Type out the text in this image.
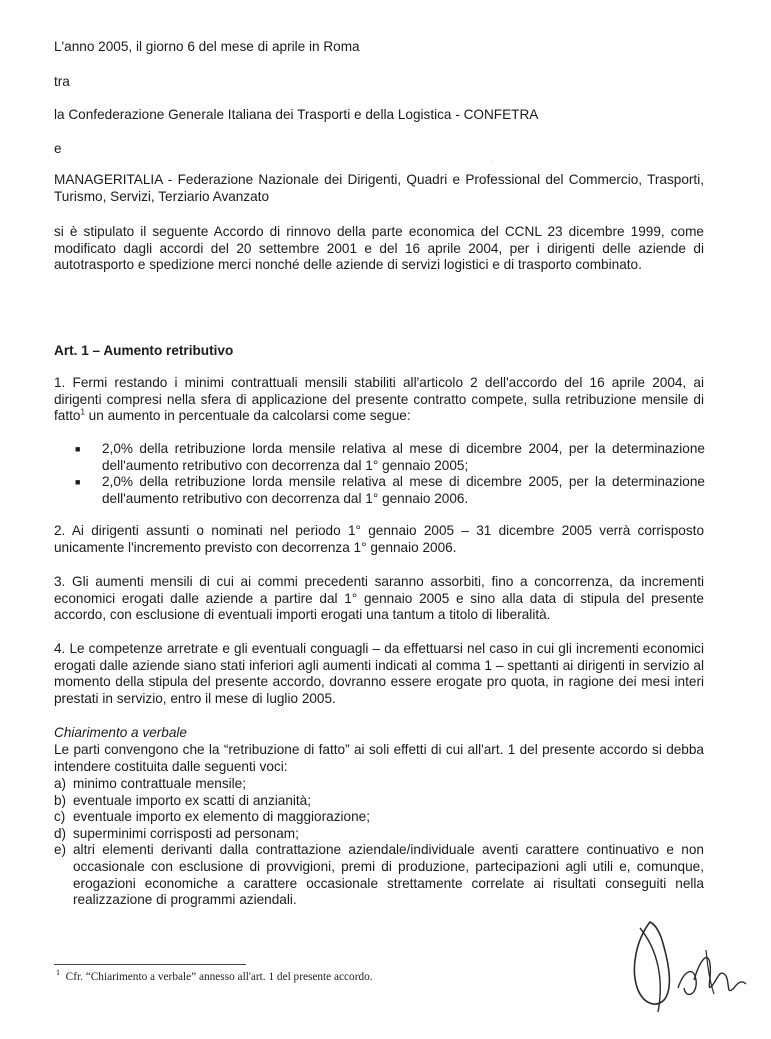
L'anno 2005, il giorno 6 del mese di aprile in Roma
tra
la Confederazione Generale Italiana dei Trasporti e della Logistica - CONFETRA
e
·
MANAGERITALIA - Federazione Nazionale dei Dirigenti, Quadri e Professional del Commercio, Trasporti, Turismo, Servizi, Terziario Avanzato
si è stipulato il seguente Accordo di rinnovo della parte economica del CCNL 23 dicembre 1999, come modificato dagli accordi del 20 settembre 2001 e del 16 aprile 2004, per i dirigenti delle aziende di autotrasporto e spedizione merci nonché delle aziende di servizi logistici e di trasporto combinato.
Art. 1 – Aumento retributivo
1. Fermi restando i minimi contrattuali mensili stabiliti all'articolo 2 dell'accordo del 16 aprile 2004, ai dirigenti compresi nella sfera di applicazione del presente contratto compete, sulla retribuzione mensile di fatto$^1$ un aumento in percentuale da calcolarsi come segue:
■ 2,0% della retribuzione lorda mensile relativa al mese di dicembre 2004, per la determinazione dell'aumento retributivo con decorrenza dal 1° gennaio 2005;
■ 2,0% della retribuzione lorda mensile relativa al mese di dicembre 2005, per la determinazione dell'aumento retributivo con decorrenza dal 1° gennaio 2006.
2. Ai dirigenti assunti o nominati nel periodo 1° gennaio 2005 – 31 dicembre 2005 verrà corrisposto unicamente l'incremento previsto con decorrenza 1° gennaio 2006.
3. Gli aumenti mensili di cui ai commi precedenti saranno assorbiti, fino a concorrenza, da incrementi economici erogati dalle aziende a partire dal 1° gennaio 2005 e sino alla data di stipula del presente accordo, con esclusione di eventuali importi erogati una tantum a titolo di liberalità.
4. Le competenze arretrate e gli eventuali conguagli – da effettuarsi nel caso in cui gli incrementi economici erogati dalle aziende siano stati inferiori agli aumenti indicati al comma 1 – spettanti ai dirigenti in servizio al momento della stipula del presente accordo, dovranno essere erogate pro quota, in ragione dei mesi interi prestati in servizio, entro il mese di luglio 2005.
Chiarimento a verbale
Le parti convengono che la “retribuzione di fatto” ai soli effetti di cui all'art. 1 del presente accordo si debba intendere costituita dalle seguenti voci:
a) minimo contrattuale mensile;
b) eventuale importo ex scatti di anzianità;
c) eventuale importo ex elemento di maggiorazione;
d) superminimi corrisposti ad personam;
e) altri elementi derivanti dalla contrattazione aziendale/individuale aventi carattere continuativo e non occasionale con esclusione di provvigioni, premi di produzione, partecipazioni agli utili e, comunque, erogazioni economiche a carattere occasionale strettamente correlate ai risultati conseguiti nella realizzazione di programmi aziendali.
$^1$ Cfr. “Chiarimento a verbale” annesso all'art. 1 del presente accordo.
